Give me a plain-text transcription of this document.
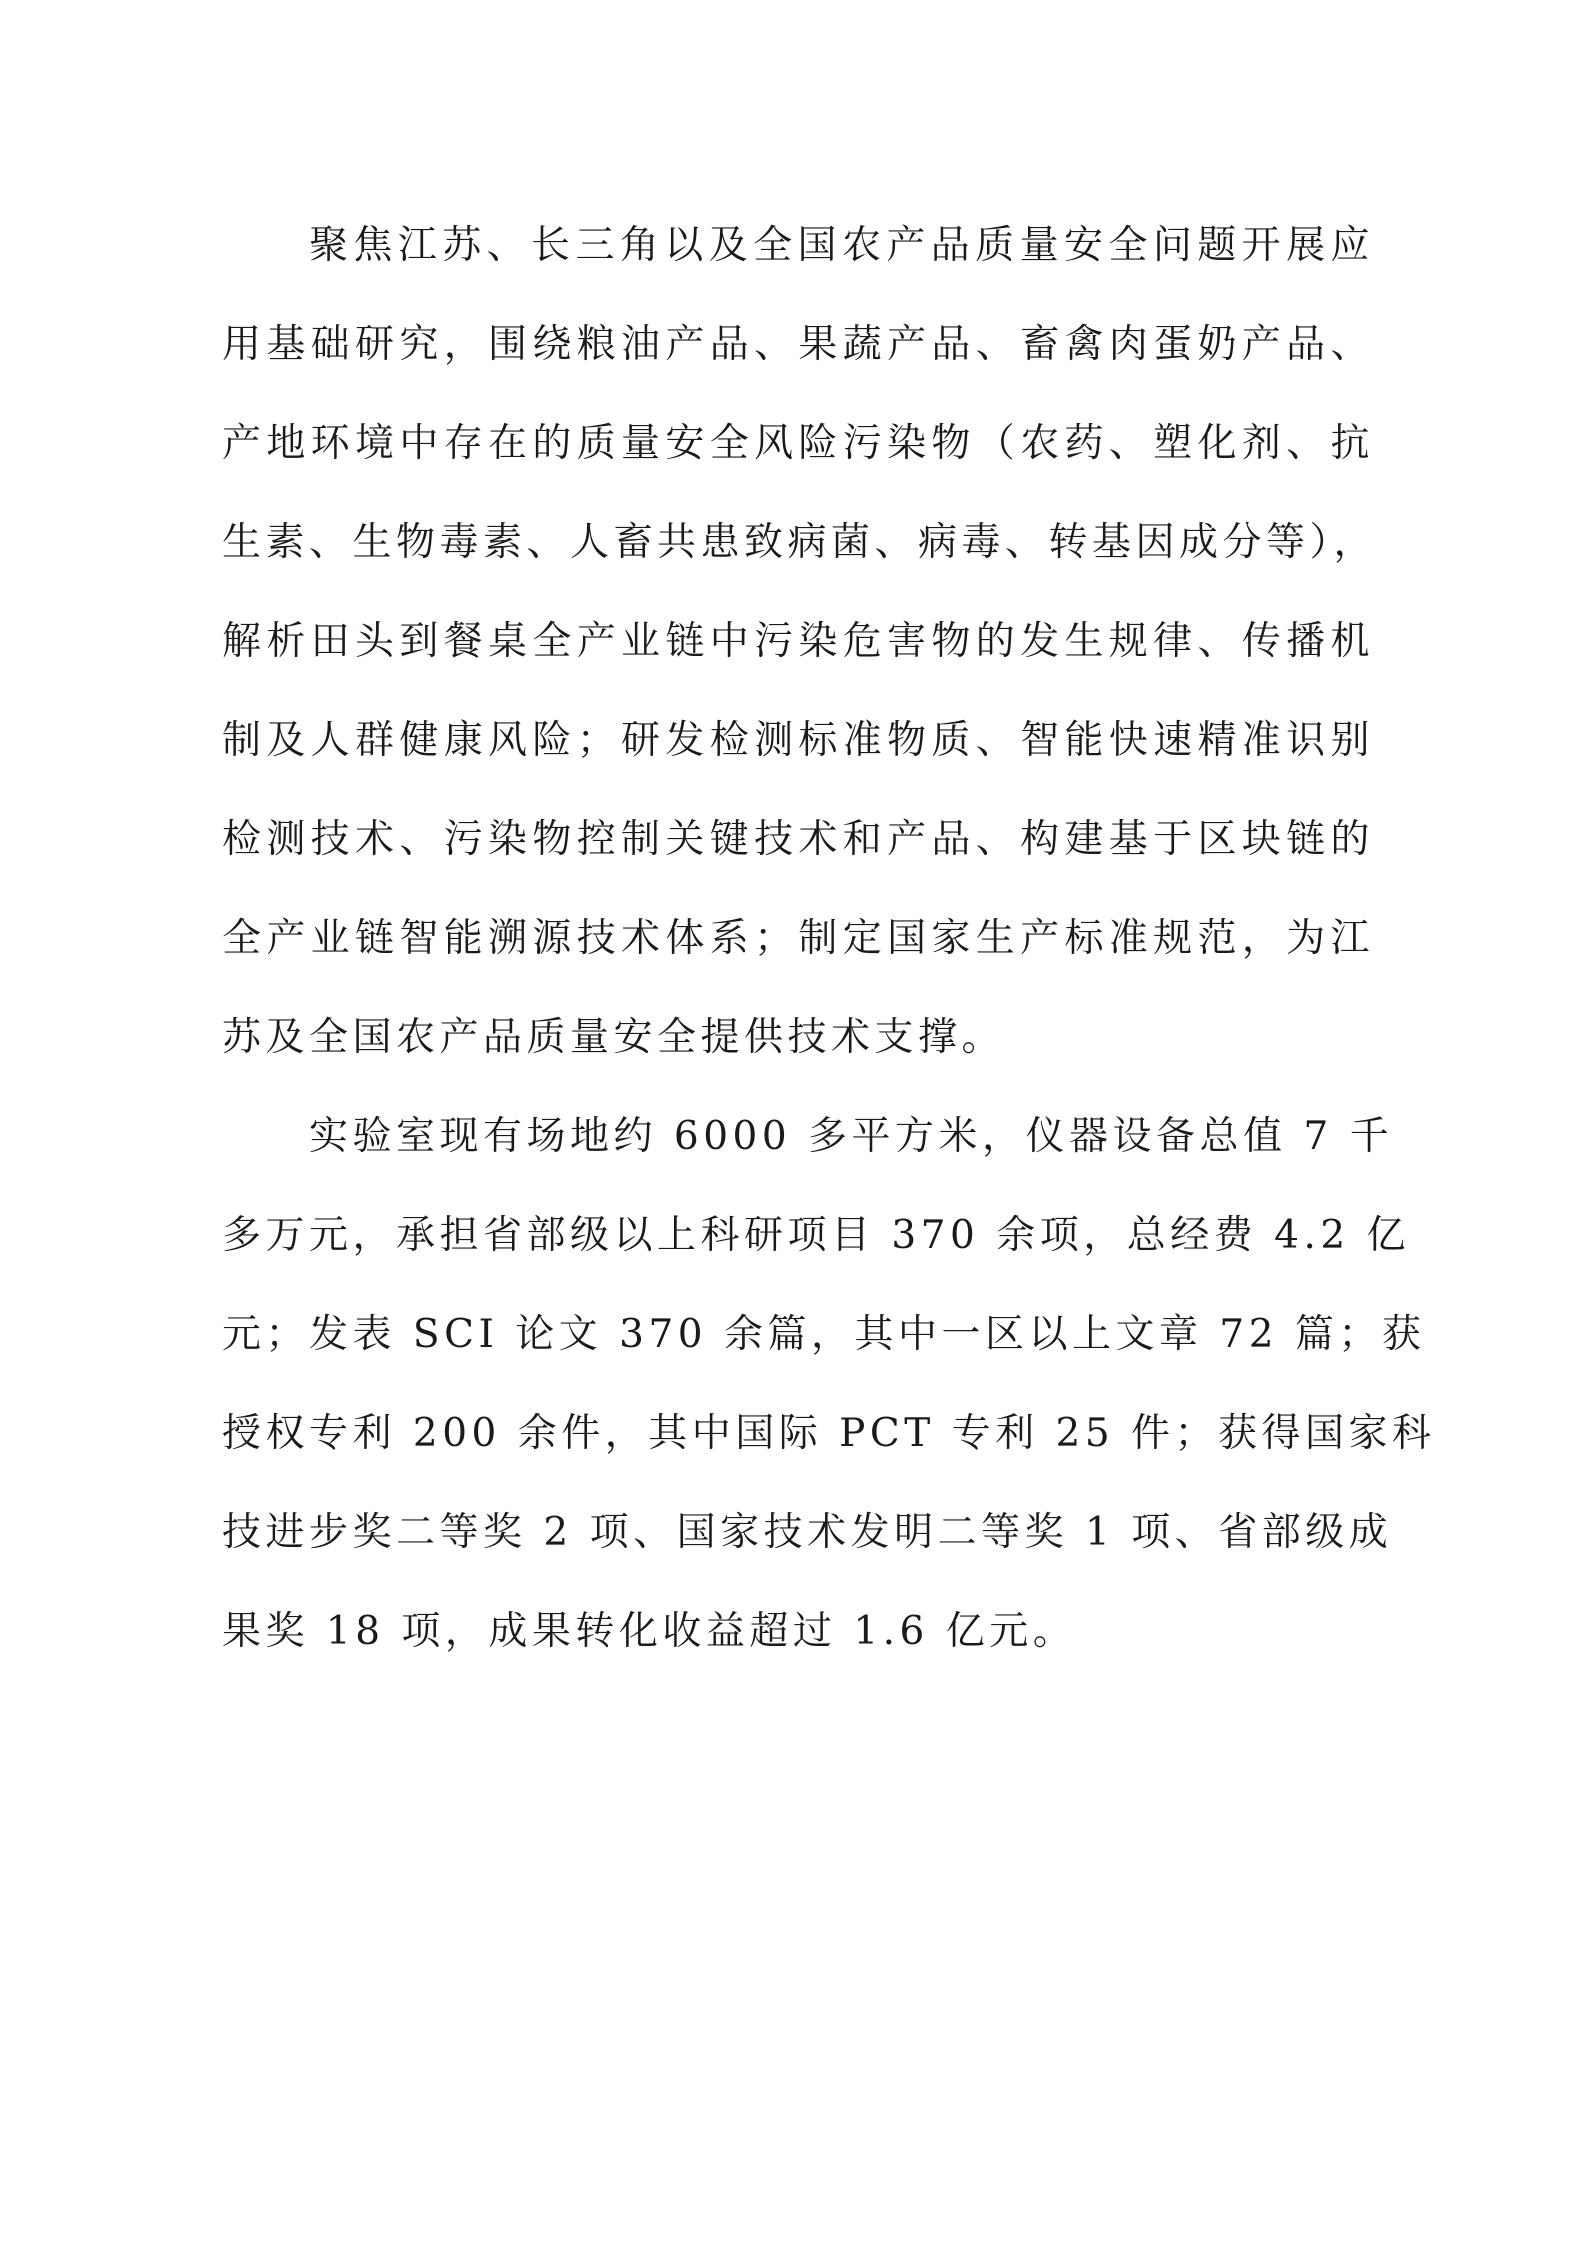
聚焦江苏、长三角以及全国农产品质量安全问题开展应
用基础研究，围绕粮油产品、果蔬产品、畜禽肉蛋奶产品、
产地环境中存在的质量安全风险污染物（农药、塑化剂、抗
生素、生物毒素、人畜共患致病菌、病毒、转基因成分等），
解析田头到餐桌全产业链中污染危害物的发生规律、传播机
制及人群健康风险；研发检测标准物质、智能快速精准识别
检测技术、污染物控制关键技术和产品、构建基于区块链的
全产业链智能溯源技术体系；制定国家生产标准规范，为江
苏及全国农产品质量安全提供技术支撑。
实验室现有场地约 6000 多平方米，仪器设备总值 7 千
多万元，承担省部级以上科研项目 370 余项，总经费 4.2 亿
元；发表 SCI 论文 370 余篇，其中一区以上文章 72 篇；获
授权专利 200 余件，其中国际 PCT 专利 25 件；获得国家科
技进步奖二等奖 2 项、国家技术发明二等奖 1 项、省部级成
果奖 18 项，成果转化收益超过 1.6 亿元。
